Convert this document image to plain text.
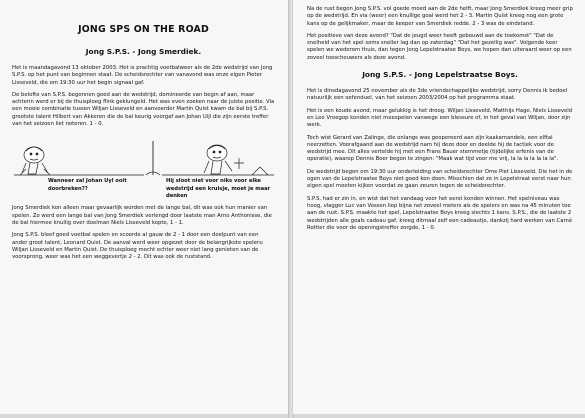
JONG SPS ON THE ROAD
Jong S.P.S. - Jong Smerdiek.

Het is maandagavond 13 oktober 2003. Het is prachtig voetbalweer als de 2de wedstrijd van Jong S.P.S. op het punt van beginnen staat. De scheidsrechter van vanavond was onze eigen Pieter Lisseveld, die om 19:30 uur het begin signaal gaf.

De belofte van S.P.S. begonnen goed aan de wedstrijd, domineerde van begin af aan, maar achterin werd er bij de thuisploeg flink geklungeld. Het was even zoeken naar de juiste positie. Via een mooie combinatie tussen Wiljan Lisseveld en aanvoerder Martin Quist kwam de bal bij S.P.S. grootste talent Hilbert van Akkeren die de bal keurig voorgaf aan Johan Uijl die zijn eerste treffer van het seizoen liet noteren. 1 - 0.

Wanneer zal Johan Uyl ooit doorbreken??
Hij sloot niet voor niks voor elke wedstrijd een kruisje, moet je maar denken

Jong Smerdiek kon alleen maar gevaarlijk worden met de lange bal, dit was ook hun manier van spelen. Zo werd een lange bal van Jong Smerdiek verlengd door laatste man Arno Anthonisse, die de bal hiermee knullig over doelman Niels Lisseveld kopte, 1 - 1.

Jong S.P.S. bleef goed voetbal spelen en scoorde al gauw de 2 - 1 door een doelpunt van een ander groot talent, Leonard Quist. De aanval werd weer opgezet door de belangrijkste spelers: Wiljan Lisseveld en Martin Quist. De thuisploeg mocht echter weer niet lang genieten van de voorsprong, weer was het een weggevertje 2 - 2. Dit was ook de ruststand.

Na de rust begon Jong S.P.S. vol goede moed aan de 2de helft, maar Jong Smerdiek kreeg meer grip op de wedstrijd. En via (weer) een knullige goal werd het 2 - 3. Martin Quist kreeg nog een grote kans op de gelijkmaker, maar de keeper van Smerdiek redde. 2 - 3 was de eindstand.

Het positieve van deze avond? "Dat de jeugd weer heeft gebouwd aan de toekomst" "Dat de snelheid van het spel soms sneller lag dan op zaterdag" "Dat het gezellig was". Volgende keer spelen we wederom thuis, dan tegen Jong Lepelstraatse Boys, we hopen dan uiteraard weer op een zoveel toeschouwers als deze avond.

Jong S.P.S. - Jong Lepelstraatse Boys.

Het is dinsdagavond 25 november als de 3de vriendschappelijke wedstrijd, sorry Dennis ik bedoel natuurlijk een oefenduel, van het seizoen 2003/2004 op het programma staat.

Het is een koude avond, maar gelukkig is het droog. Wiljan Lisseveld, Matthijs Hage, Niels Lisseveld en Leo Vroegop konden niet meespelen vanwege een blessure of, in het geval van Wiljan, door zijn werk.

Toch wist Gerard van Zalinge, die onlangs was geopereerd aan zijn kaakamandels, een elftal neerzetten. Voorafgaand aan de wedstrijd nam hij deze door en deelde hij de tactiek voor de wedstrijd mee. Dit alles vertelde hij met een Frans Bauer stemmetje (tijdelijke erfenis van de operatie), waarop Dennis Boer begon te zingen: "Maak wat tijd voor me vrij, la la la la la la la".

De wedstrijd begon om 19:30 uur onderleiding van scheidsrechter Ome Piet Lisseveld. Die het in de ogen van de Lepelstraatse Boys niet goed kon doen. Misschien dat ze in Lepelstraat eerst naar hun eigen spel moeten kijken voordat ze gaan zeuren tegen de scheidsrechter.

S.P.S. had er zin in, en wist dat het vandaag voor het eerst konden winnen. Het spelniveau was hoog, vlagger Luc van Vossen liep bijna net zoveel meters als de spelers en was na 45 minuten toe aan de rust. S.P.S. maakte het spel, Lepelstraatse Boys kreeg slechts 1 kans. S.P.S., die de laatste 2 wedstrijden alle goals cadeau gaf, kreeg ditmaal zelf een cadeautje, dankzij hard werken van Carné Rottier die voor de openingstreffer zorgde, 1 - 0.
